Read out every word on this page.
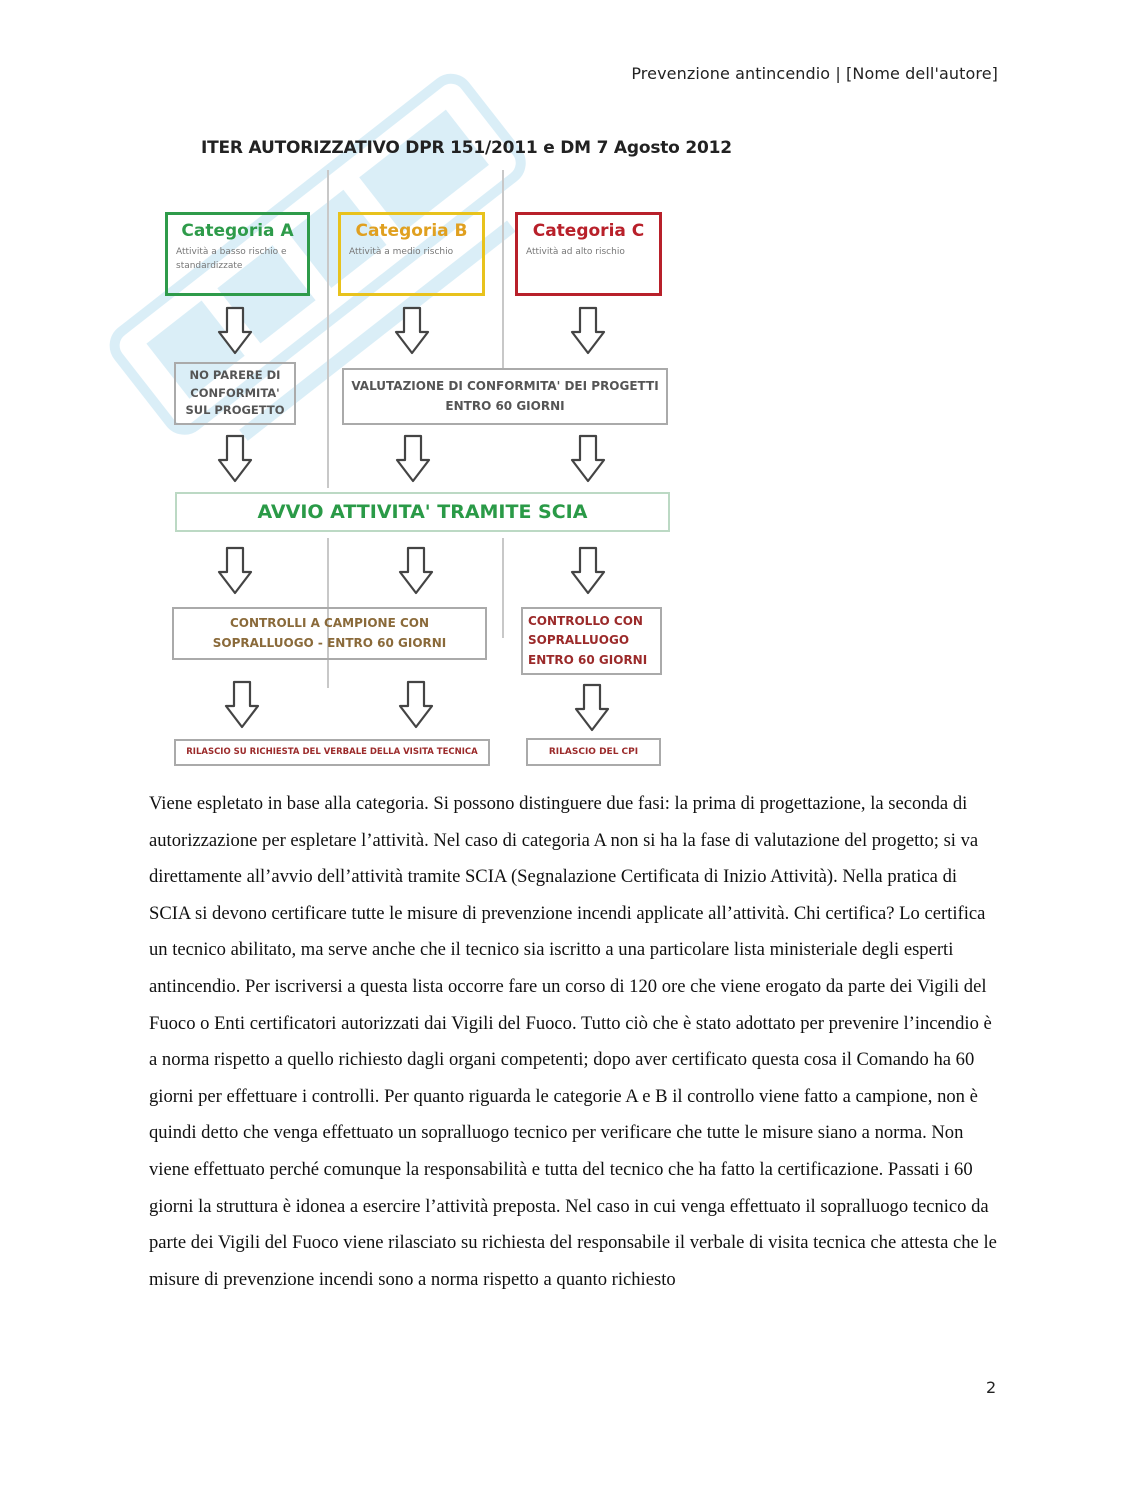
Prevenzione antincendio | [Nome dell'autore]
ITER AUTORIZZATIVO DPR 151/2011 e DM 7 Agosto 2012
Categoria A
Attività a basso rischio e standardizzate
Categoria B
Attività a medio rischio
Categoria C
Attività ad alto rischio
NO PARERE DI CONFORMITA' SUL PROGETTO
VALUTAZIONE DI CONFORMITA' DEI PROGETTI ENTRO 60 GIORNI
AVVIO ATTIVITA' TRAMITE SCIA
CONTROLLI A CAMPIONE CON SOPRALLUOGO - ENTRO 60 GIORNI
CONTROLLO CON SOPRALLUOGO ENTRO 60 GIORNI
RILASCIO SU RICHIESTA DEL VERBALE DELLA VISITA TECNICA	RILASCIO DEL CPI

Viene espletato in base alla categoria. Si possono distinguere due fasi: la prima di progettazione, la seconda di autorizzazione per espletare l’attività. Nel caso di categoria A non si ha la fase di valutazione del progetto; si va direttamente all’avvio dell’attività tramite SCIA (Segnalazione Certificata di Inizio Attività). Nella pratica di SCIA si devono certificare tutte le misure di prevenzione incendi applicate all’attività. Chi certifica? Lo certifica un tecnico abilitato, ma serve anche che il tecnico sia iscritto a una particolare lista ministeriale degli esperti antincendio. Per iscriversi a questa lista occorre fare un corso di 120 ore che viene erogato da parte dei Vigili del Fuoco o Enti certificatori autorizzati dai Vigili del Fuoco. Tutto ciò che è stato adottato per prevenire l’incendio è a norma rispetto a quello richiesto dagli organi competenti; dopo aver certificato questa cosa il Comando ha 60 giorni per effettuare i controlli. Per quanto riguarda le categorie A e B il controllo viene fatto a campione, non è quindi detto che venga effettuato un sopralluogo tecnico per verificare che tutte le misure siano a norma. Non viene effettuato perché comunque la responsabilità e tutta del tecnico che ha fatto la certificazione. Passati i 60 giorni la struttura è idonea a esercire l’attività preposta. Nel caso in cui venga effettuato il sopralluogo tecnico da parte dei Vigili del Fuoco viene rilasciato su richiesta del responsabile il verbale di visita tecnica che attesta che le misure di prevenzione incendi sono a norma rispetto a quanto richiesto

2
